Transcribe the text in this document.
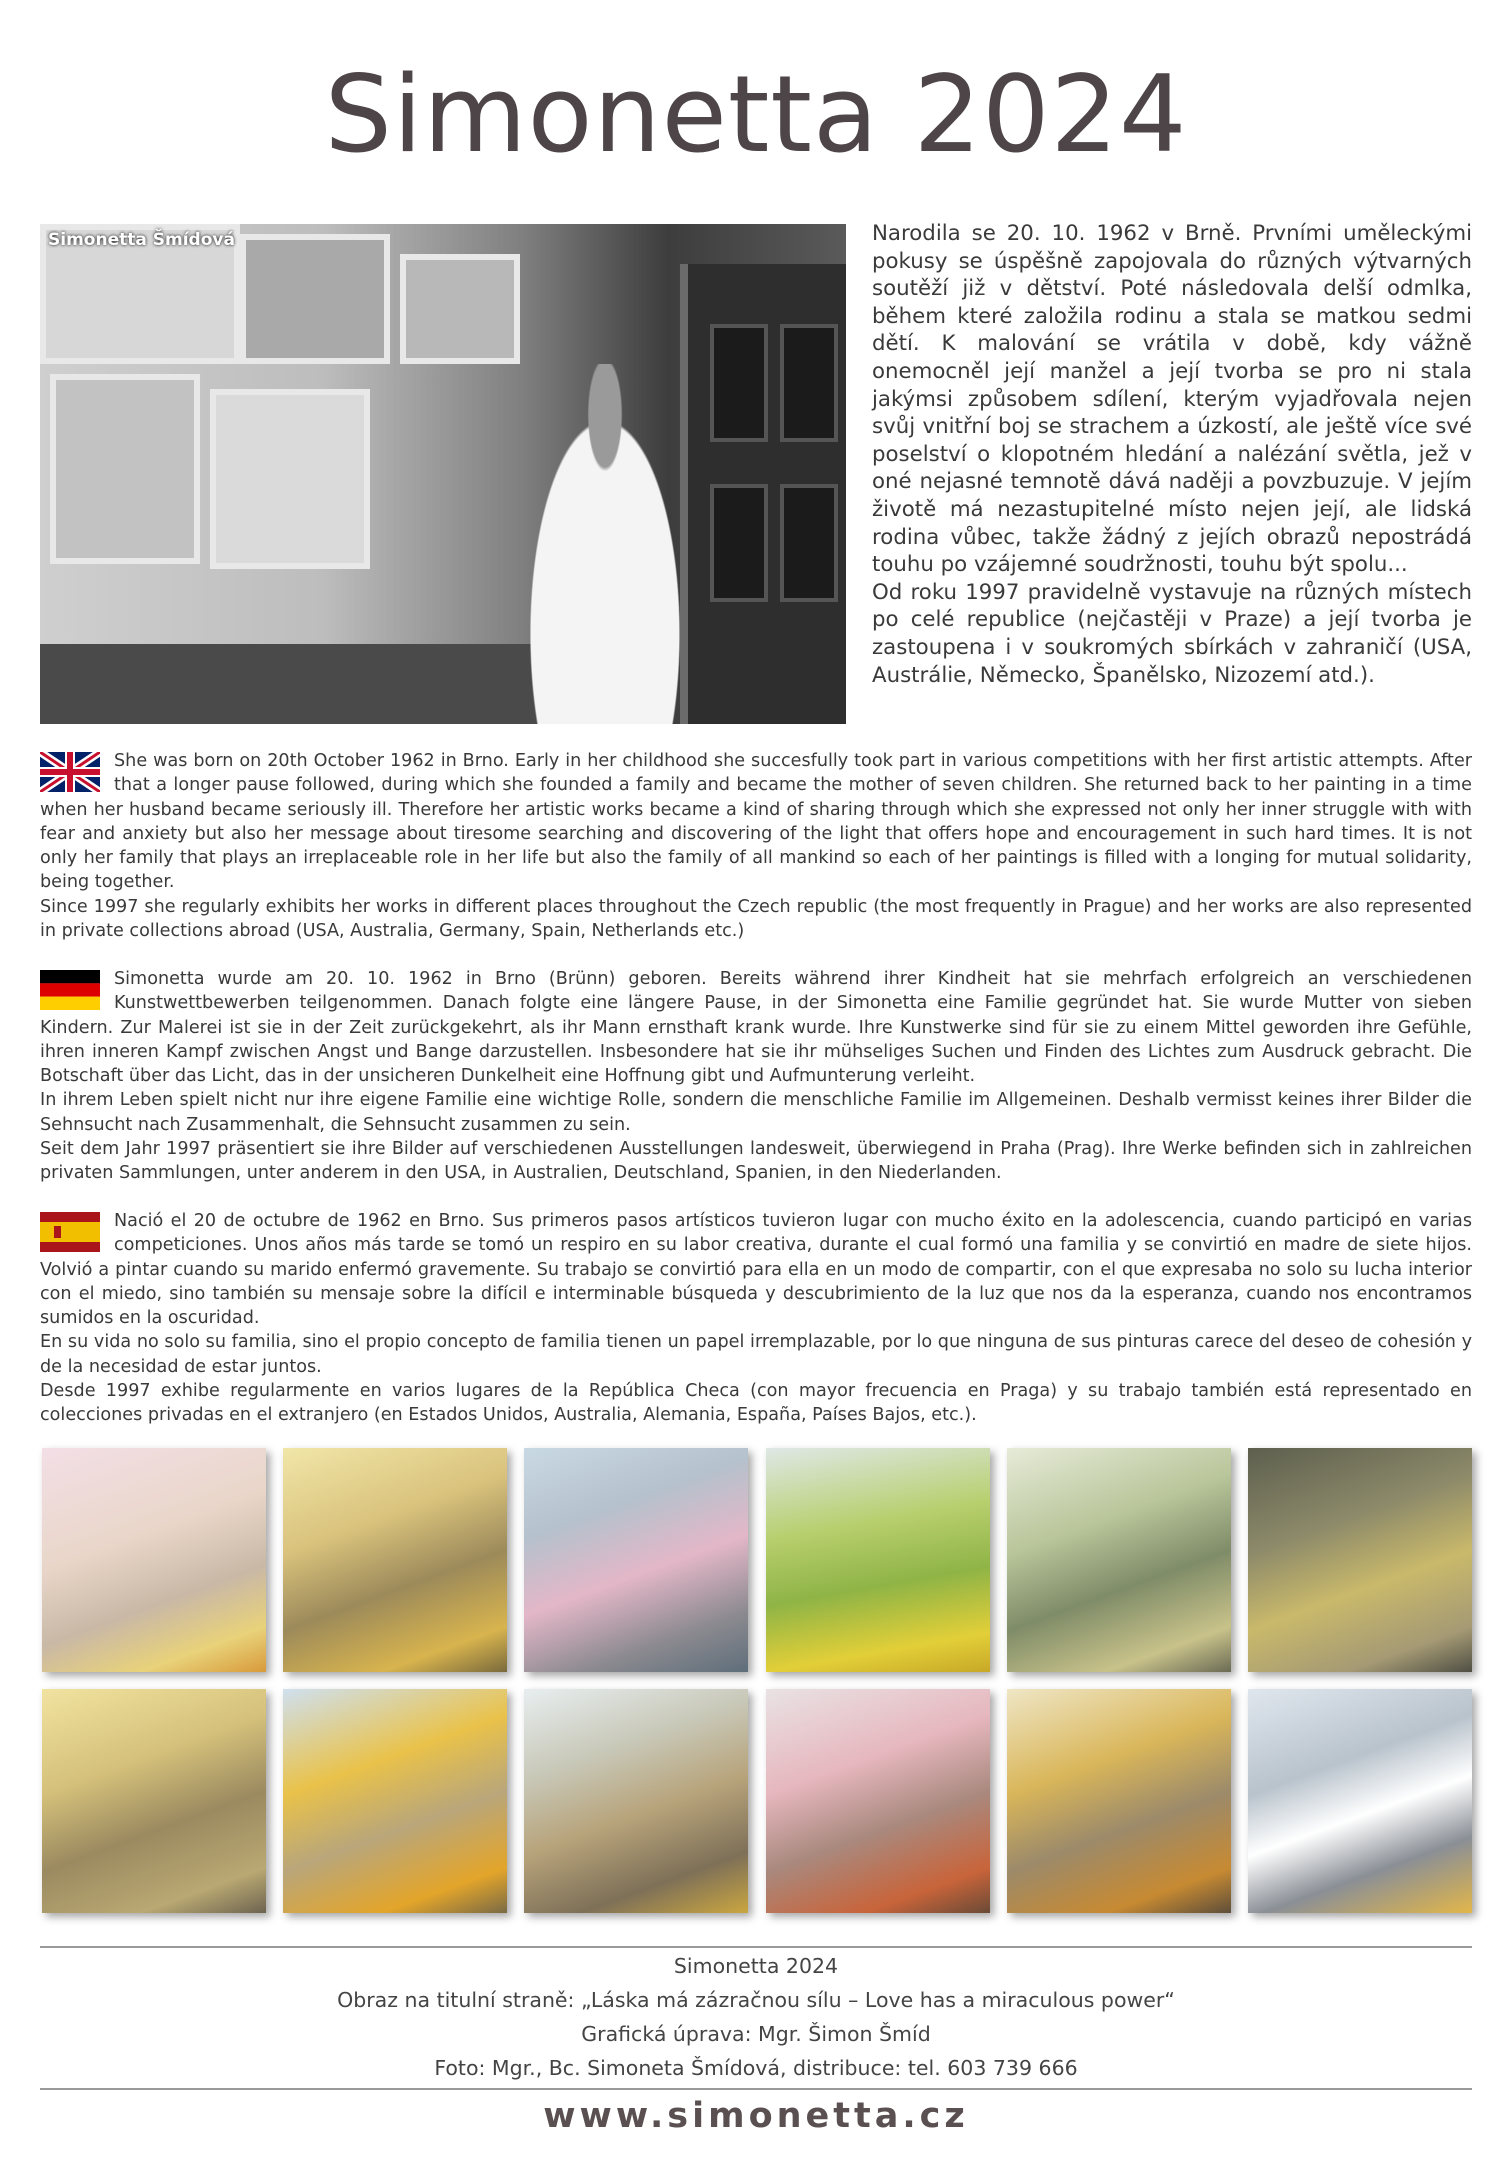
Simonetta 2024
Simonetta Šmídová	Narodila se 20. 10. 1962 v Brně. Prvními uměleckými pokusy se úspěšně zapojovala do různých výtvarných soutěží již v dětství. Poté následovala delší odmlka, během které založila rodinu a stala se matkou sedmi dětí. K malování se vrátila v době, kdy vážně onemocněl její manžel a její tvorba se pro ni stala jakýmsi způsobem sdílení, kterým vyjadřovala nejen svůj vnitřní boj se strachem a úzkostí, ale ještě více své poselství o klopotném hledání a nalézání světla, jež v oné nejasné temnotě dává naději a povzbuzuje. V jejím životě má nezastupitelné místo nejen její, ale lidská rodina vůbec, takže žádný z jejích obrazů nepostrádá touhu po vzájemné soudržnosti, touhu být spolu...

Od roku 1997 pravidelně vystavuje na různých místech po celé republice (nejčastěji v Praze) a její tvorba je zastoupena i v soukromých sbírkách v zahraničí (USA, Austrálie, Německo, Španělsko, Nizozemí atd.).

She was born on 20th October 1962 in Brno. Early in her childhood she succesfully took part in various competitions with her first artistic attempts. After that a longer pause followed, during which she founded a family and became the mother of seven children. She returned back to her painting in a time when her husband became seriously ill. Therefore her artistic works became a kind of sharing through which she expressed not only her inner struggle with with fear and anxiety but also her message about tiresome searching and discovering of the light that offers hope and encouragement in such hard times. It is not only her family that plays an irreplaceable role in her life but also the family of all mankind so each of her paintings is filled with a longing for mutual solidarity, being together.

Since 1997 she regularly exhibits her works in different places throughout the Czech republic (the most frequently in Prague) and her works are also represented in private collections abroad (USA, Australia, Germany, Spain, Netherlands etc.)

Simonetta wurde am 20. 10. 1962 in Brno (Brünn) geboren. Bereits während ihrer Kindheit hat sie mehrfach erfolgreich an verschiedenen Kunstwettbewerben teilgenommen. Danach folgte eine längere Pause, in der Simonetta eine Familie gegründet hat. Sie wurde Mutter von sieben Kindern. Zur Malerei ist sie in der Zeit zurückgekehrt, als ihr Mann ernsthaft krank wurde. Ihre Kunstwerke sind für sie zu einem Mittel geworden ihre Gefühle, ihren inneren Kampf zwischen Angst und Bange darzustellen. Insbesondere hat sie ihr mühseliges Suchen und Finden des Lichtes zum Ausdruck gebracht. Die Botschaft über das Licht, das in der unsicheren Dunkelheit eine Hoffnung gibt und Aufmunterung verleiht.

In ihrem Leben spielt nicht nur ihre eigene Familie eine wichtige Rolle, sondern die menschliche Familie im Allgemeinen. Deshalb vermisst keines ihrer Bilder die Sehnsucht nach Zusammenhalt, die Sehnsucht zusammen zu sein.

Seit dem Jahr 1997 präsentiert sie ihre Bilder auf verschiedenen Ausstellungen landesweit, überwiegend in Praha (Prag). Ihre Werke befinden sich in zahlreichen privaten Sammlungen, unter anderem in den USA, in Australien, Deutschland, Spanien, in den Niederlanden.

Nació el 20 de octubre de 1962 en Brno. Sus primeros pasos artísticos tuvieron lugar con mucho éxito en la adolescencia, cuando participó en varias competiciones. Unos años más tarde se tomó un respiro en su labor creativa, durante el cual formó una familia y se convirtió en madre de siete hijos. Volvió a pintar cuando su marido enfermó gravemente. Su trabajo se convirtió para ella en un modo de compartir, con el que expresaba no solo su lucha interior con el miedo, sino también su mensaje sobre la difícil e interminable búsqueda y descubrimiento de la luz que nos da la esperanza, cuando nos encontramos sumidos en la oscuridad.

En su vida no solo su familia, sino el propio concepto de familia tienen un papel irremplazable, por lo que ninguna de sus pinturas carece del deseo de cohesión y de la necesidad de estar juntos.

Desde 1997 exhibe regularmente en varios lugares de la República Checa (con mayor frecuencia en Praga) y su trabajo también está representado en colecciones privadas en el extranjero (en Estados Unidos, Australia, Alemania, España, Países Bajos, etc.).

Simonetta 2024
Obraz na titulní straně: „Láska má zázračnou sílu – Love has a miraculous power“
Grafická úprava: Mgr. Šimon Šmíd
Foto: Mgr., Bc. Simoneta Šmídová, distribuce: tel. 603 739 666
www.simonetta.cz
